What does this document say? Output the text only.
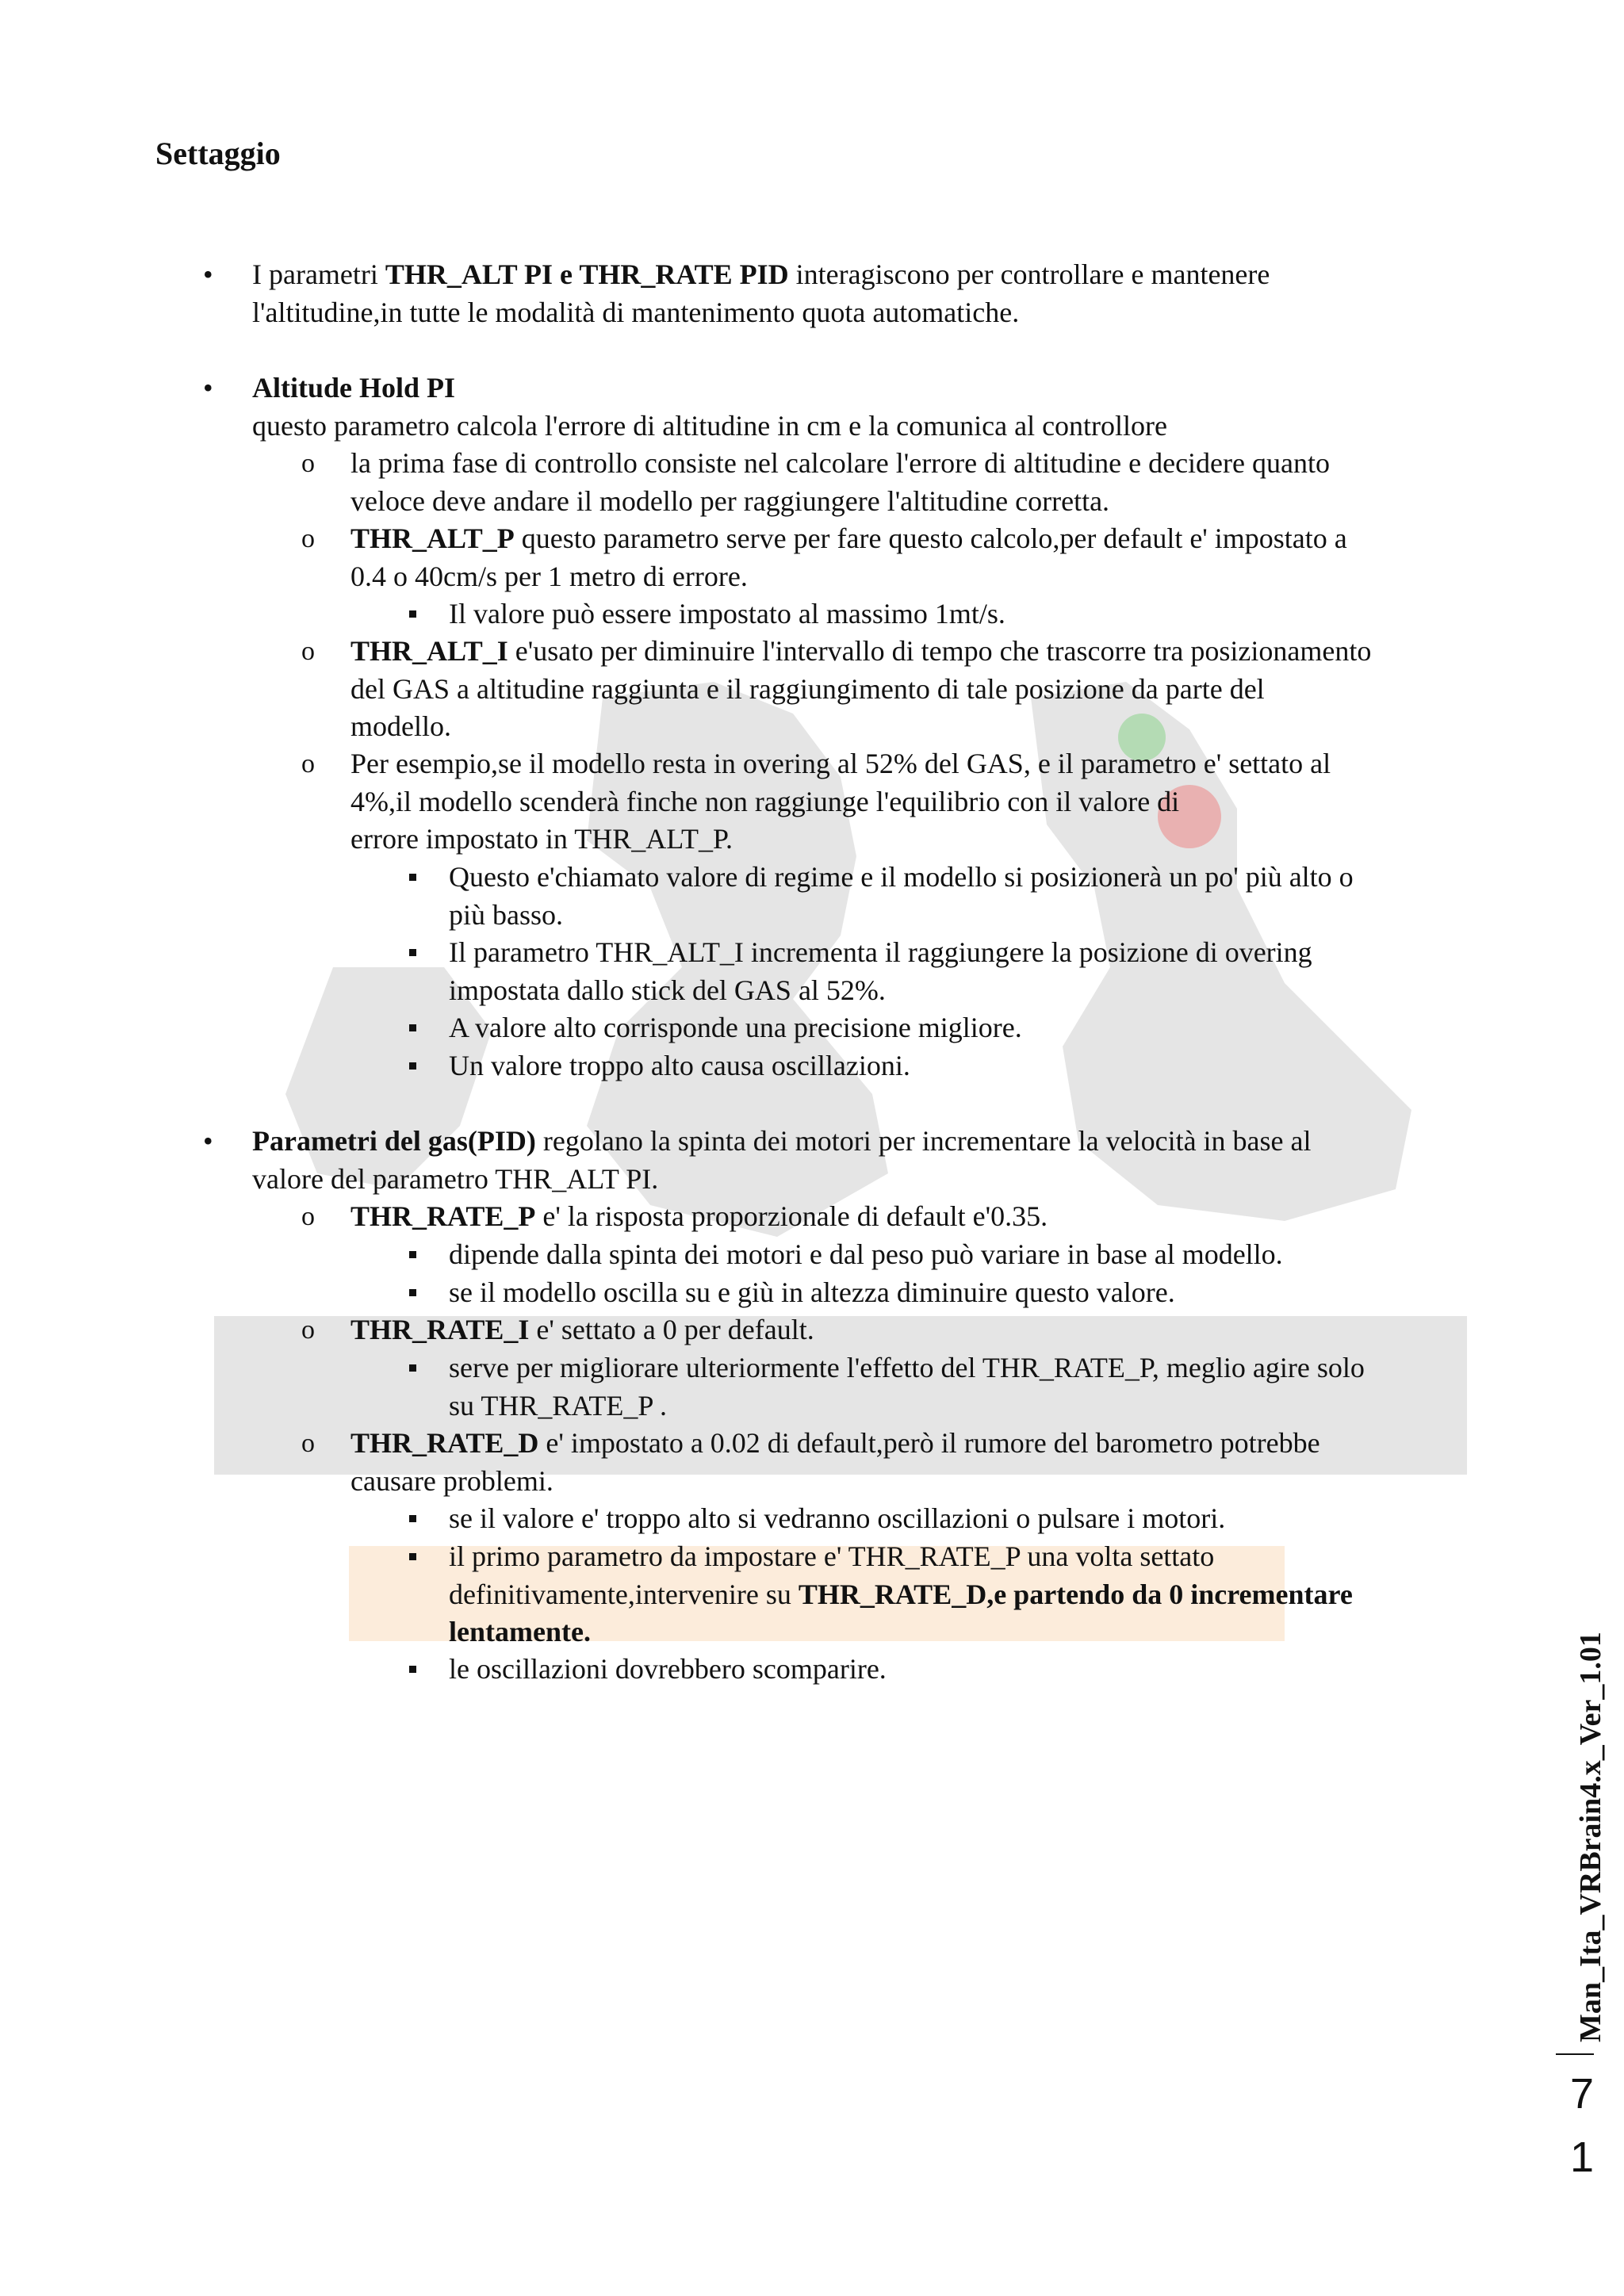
Settaggio
• I parametri THR_ALT PI e THR_RATE PID interagiscono per controllare e mantenere
l'altitudine,in tutte le modalità di mantenimento quota automatiche.
• Altitude Hold PI
questo parametro calcola l'errore di altitudine in cm e la comunica al controllore
o la prima fase di controllo consiste nel calcolare l'errore di altitudine e decidere quanto
veloce deve andare il modello per raggiungere l'altitudine corretta.
o THR_ALT_P questo parametro serve per fare questo calcolo,per default e' impostato a
0.4 o 40cm/s per 1 metro di errore.
Il valore può essere impostato al massimo 1mt/s.
o THR_ALT_I e'usato per diminuire l'intervallo di tempo che trascorre tra posizionamento
del GAS a altitudine raggiunta e il raggiungimento di tale posizione da parte del
modello.
o Per esempio,se il modello resta in overing al 52% del GAS, e il parametro e' settato al
4%,il modello scenderà finche non raggiunge l'equilibrio con il valore di
errore impostato in THR_ALT_P.
Questo e'chiamato valore di regime e il modello si posizionerà un po' più alto o
più basso.
Il parametro THR_ALT_I incrementa il raggiungere la posizione di overing
impostata dallo stick del GAS al 52%.
A valore alto corrisponde una precisione migliore.
Un valore troppo alto causa oscillazioni.
• Parametri del gas(PID) regolano la spinta dei motori per incrementare la velocità in base al
valore del parametro THR_ALT PI.
o THR_RATE_P e' la risposta proporzionale di default e'0.35.
dipende dalla spinta dei motori e dal peso può variare in base al modello.
se il modello oscilla su e giù in altezza diminuire questo valore.
o THR_RATE_I e' settato a 0 per default.
serve per migliorare ulteriormente l'effetto del THR_RATE_P, meglio agire solo
su THR_RATE_P .
o THR_RATE_D e' impostato a 0.02 di default,però il rumore del barometro potrebbe
causare problemi.
se il valore e' troppo alto si vedranno oscillazioni o pulsare i motori.
il primo parametro da impostare e' THR_RATE_P una volta settato
definitivamente,intervenire su THR_RATE_D,e partendo da 0 incrementare
lentamente.
le oscillazioni dovrebbero scomparire.	Man_Ita_VRBrain4.x_Ver_1.01
7
1
